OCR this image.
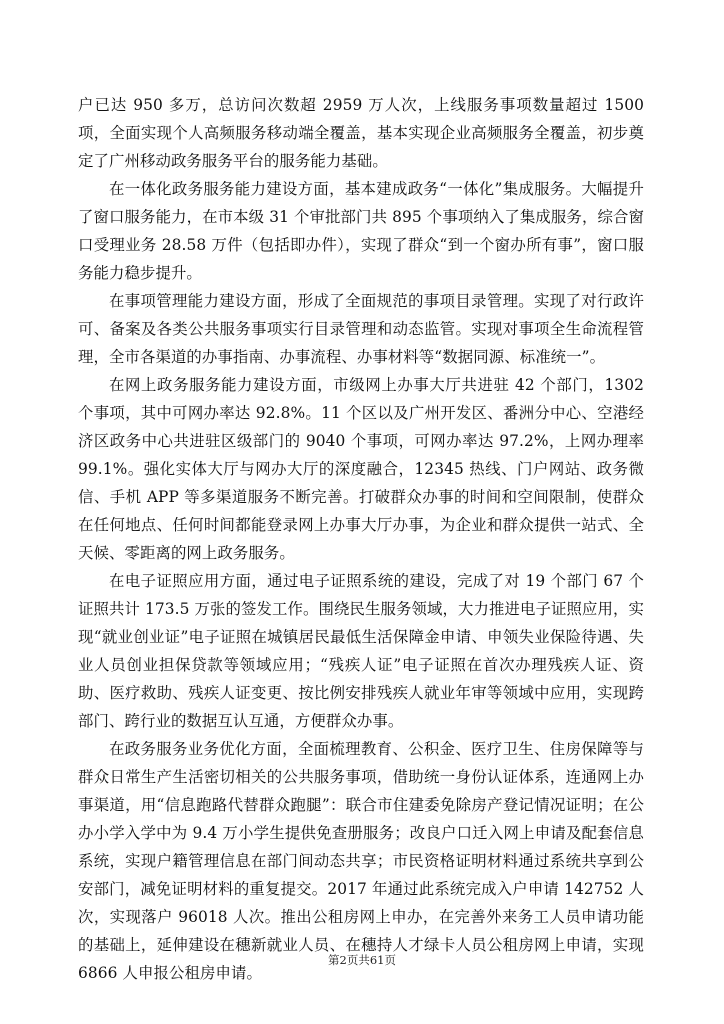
户已达 950 多万，总访问次数超 2959 万人次，上线服务事项数量超过 1500 项，全面实现个人高频服务移动端全覆盖，基本实现企业高频服务全覆盖，初步奠定了广州移动政务服务平台的服务能力基础。

在一体化政务服务能力建设方面，基本建成政务“一体化”集成服务。大幅提升了窗口服务能力，在市本级 31 个审批部门共 895 个事项纳入了集成服务，综合窗口受理业务 28.58 万件（包括即办件），实现了群众“到一个窗办所有事”，窗口服务能力稳步提升。

在事项管理能力建设方面，形成了全面规范的事项目录管理。实现了对行政许可、备案及各类公共服务事项实行目录管理和动态监管。实现对事项全生命流程管理，全市各渠道的办事指南、办事流程、办事材料等“数据同源、标准统一”。

在网上政务服务能力建设方面，市级网上办事大厅共进驻 42 个部门，1302 个事项，其中可网办率达 92.8%。11 个区以及广州开发区、番洲分中心、空港经济区政务中心共进驻区级部门的 9040 个事项，可网办率达 97.2%，上网办理率 99.1%。强化实体大厅与网办大厅的深度融合，12345 热线、门户网站、政务微信、手机 APP 等多渠道服务不断完善。打破群众办事的时间和空间限制，使群众在任何地点、任何时间都能登录网上办事大厅办事，为企业和群众提供一站式、全天候、零距离的网上政务服务。

在电子证照应用方面，通过电子证照系统的建设，完成了对 19 个部门 67 个证照共计 173.5 万张的签发工作。围绕民生服务领域，大力推进电子证照应用，实现“就业创业证”电子证照在城镇居民最低生活保障金申请、申领失业保险待遇、失业人员创业担保贷款等领域应用；“残疾人证”电子证照在首次办理残疾人证、资助、医疗救助、残疾人证变更、按比例安排残疾人就业年审等领域中应用，实现跨部门、跨行业的数据互认互通，方便群众办事。

在政务服务业务优化方面，全面梳理教育、公积金、医疗卫生、住房保障等与群众日常生产生活密切相关的公共服务事项，借助统一身份认证体系，连通网上办事渠道，用“信息跑路代替群众跑腿”：联合市住建委免除房产登记情况证明；在公办小学入学中为 9.4 万小学生提供免查册服务；改良户口迁入网上申请及配套信息系统，实现户籍管理信息在部门间动态共享；市民资格证明材料通过系统共享到公安部门，减免证明材料的重复提交。2017 年通过此系统完成入户申请 142752 人次，实现落户 96018 人次。推出公租房网上申办，在完善外来务工人员申请功能的基础上，延伸建设在穗新就业人员、在穗持人才绿卡人员公租房网上申请，实现 6866 人申报公租房申请。

第2页共61页
